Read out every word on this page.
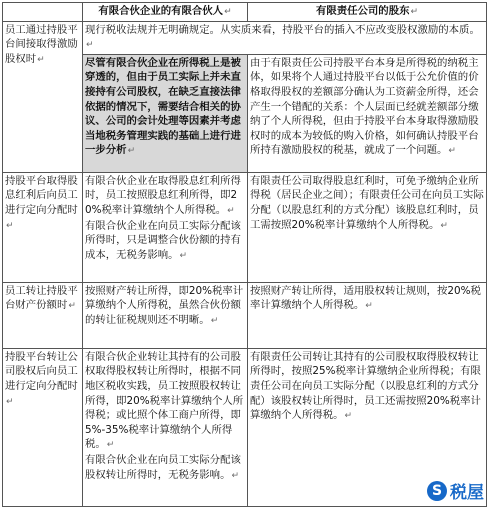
	有限合伙企业的有限合伙人↵	有限责任公司的股东↵
员工通过持股平台间接取得激励股权时↵	现行税收法规并无明确规定。从实质来看，持股平台的插入不应改变股权激励的本质。↵	
	尽管有限合伙企业在所得税上是被穿透的，但由于员工实际上并未直接持有公司股权，在缺乏直接法律依据的情况下，需要结合相关的协议、公司的会计处理等因素并考虑当地税务管理实践的基础上进行进一步分析↵	由于有限责任公司持股平台本身是所得税的纳税主体，如果将个人通过持股平台以低于公允价值的价格取得股权的差额部分确认为工资薪金所得，还会产生一个错配的关系：个人层面已经就差额部分缴纳了个人所得税，但由于持股平台本身取得激励股权时的成本为较低的购入价格，如何确认持股平台所持有激励股权的税基，就成了一个问题。↵
持股平台取得股息红利后向员工进行定向分配时↵	有限合伙企业在取得股息红利所得时，员工按照股息红利所得，即20%税率计算缴纳个人所得税。↵
有限合伙企业在向员工实际分配该所得时，只是调整合伙份额的持有成本，无税务影响。↵	有限责任公司取得股息红利时，可免予缴纳企业所得税（居民企业之间）；有限责任公司在向员工实际分配（以股息红利的方式分配）该股息红利时，员工需按照20%税率计算缴纳个人所得税。↵
员工转让持股平台财产份额时↵	按照财产转让所得，即20%税率计算缴纳个人所得税，虽然合伙份额的转让征税规则还不明晰。↵	按照财产转让所得，适用股权转让规则，按20%税率计算缴纳个人所得税。↵
持股平台转让公司股权后向员工进行定向分配时↵	有限合伙企业转让其持有的公司股权取得股权转让所得时，根据不同地区税收实践，员工按照股权转让所得，即20%税率计算缴纳个人所得税；或比照个体工商户所得，即5%-35%税率计算缴纳个人所得税。↵
有限合伙企业在向员工实际分配该股权转让所得时，无税务影响。↵	有限责任公司转让其持有的公司股权取得股权转让所得时，按照25%税率计算缴纳企业所得税；有限责任公司在向员工实际分配（以股息红利的方式分配）该股权转让所得时，员工还需按照20%税率计算缴纳个人所得税。↵
S 税屋
